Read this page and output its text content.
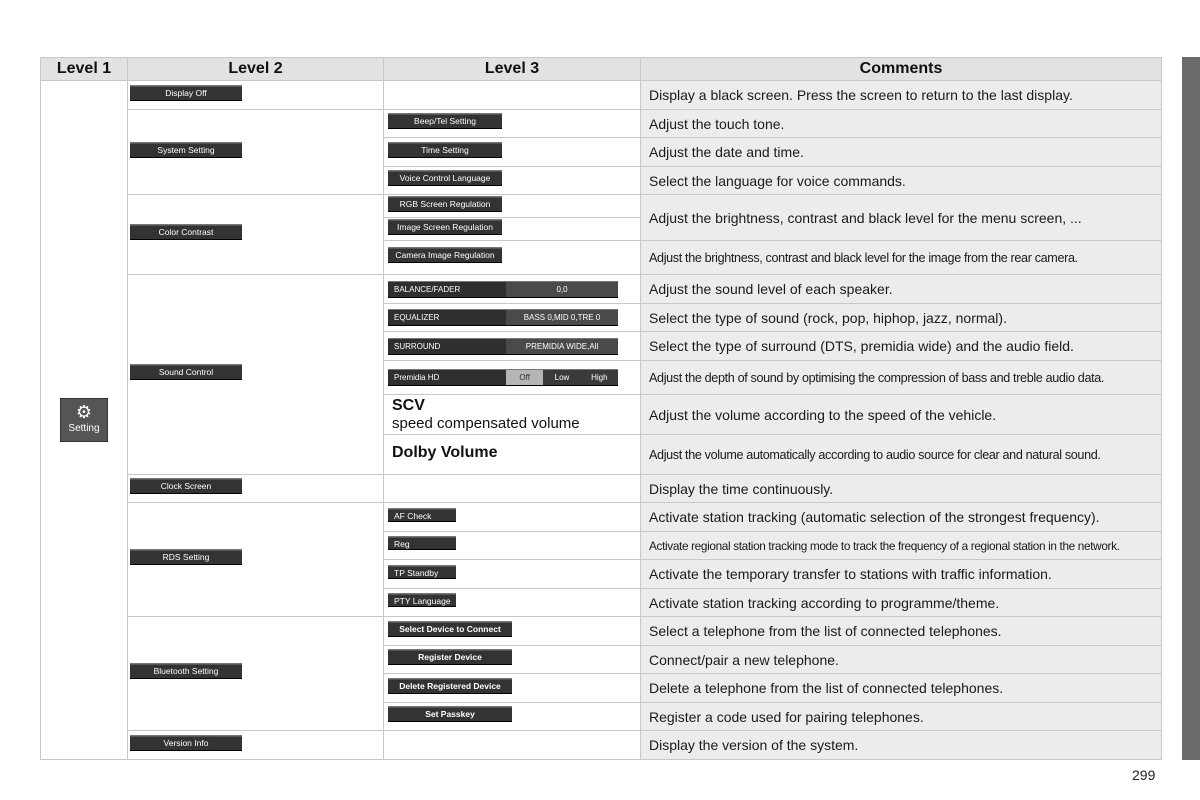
Level 1	Level 2	Level 3	Comments

⚙
Setting	Display Off		Display a black screen. Press the screen to return to the last display.
	System Setting	Beep/Tel Setting	Adjust the touch tone.
		Time Setting	Adjust the date and time.
		Voice Control Language	Select the language for voice commands.
	Color Contrast	RGB Screen Regulation	Adjust the brightness, contrast and black level for the menu screen, ...
		Image Screen Regulation	
		Camera Image Regulation	Adjust the brightness, contrast and black level for the image from the rear camera.
	Sound Control	BALANCE/FADER 0,0	Adjust the sound level of each speaker.

		EQUALIZER BASS 0,MID 0,TRE 0	Select the type of sound (rock, pop, hiphop, jazz, normal).

		SURROUND PREMIDIA WIDE,All	Select the type of surround (DTS, premidia wide) and the audio field.

		Premidia HD Off Low High	Adjust the depth of sound by optimising the compression of bass and treble audio data.

		SCV
speed compensated volume	Adjust the volume according to the speed of the vehicle.

		Dolby Volume	Adjust the volume automatically according to audio source for clear and natural sound.
	Clock Screen		Display the time continuously.
	RDS Setting	AF Check	Activate station tracking (automatic selection of the strongest frequency).
		Reg	Activate regional station tracking mode to track the frequency of a regional station in the network.
		TP Standby	Activate the temporary transfer to stations with traffic information.
		PTY Language	Activate station tracking according to programme/theme.
	Bluetooth Setting	Select Device to Connect	Select a telephone from the list of connected telephones.
		Register Device	Connect/pair a new telephone.
		Delete Registered Device	Delete a telephone from the list of connected telephones.
		Set Passkey	Register a code used for pairing telephones.
	Version Info		Display the version of the system.
299
